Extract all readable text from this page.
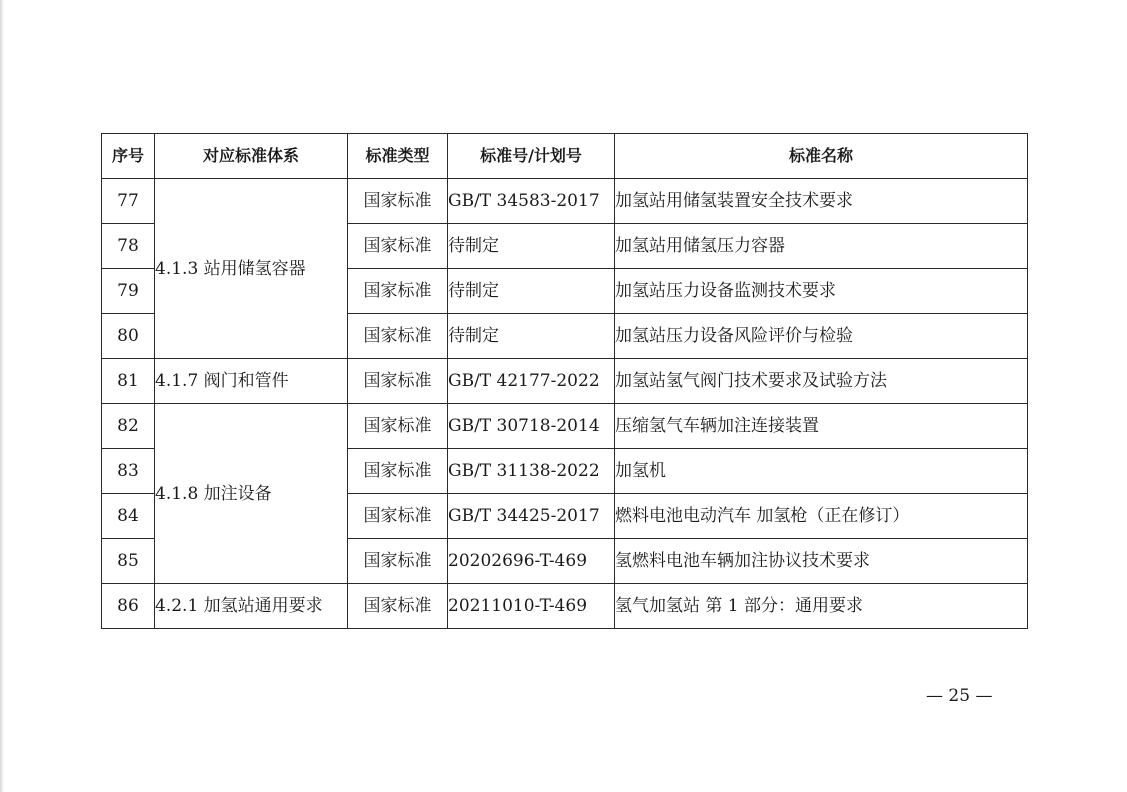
序号	对应标准体系	标准类型	标准号/计划号	标准名称
77	4.1.3 站用储氢容器	国家标准	GB/T 34583-2017	加氢站用储氢装置安全技术要求
78		国家标准	待制定	加氢站用储氢压力容器
79		国家标准	待制定	加氢站压力设备监测技术要求
80		国家标准	待制定	加氢站压力设备风险评价与检验
81	4.1.7 阀门和管件	国家标准	GB/T 42177-2022	加氢站氢气阀门技术要求及试验方法
82	4.1.8 加注设备	国家标准	GB/T 30718-2014	压缩氢气车辆加注连接装置
83		国家标准	GB/T 31138-2022	加氢机
84		国家标准	GB/T 34425-2017	燃料电池电动汽车 加氢枪（正在修订）
85		国家标准	20202696-T-469	氢燃料电池车辆加注协议技术要求
86	4.2.1 加氢站通用要求	国家标准	20211010-T-469	氢气加氢站 第 1 部分：通用要求
— 25 —
